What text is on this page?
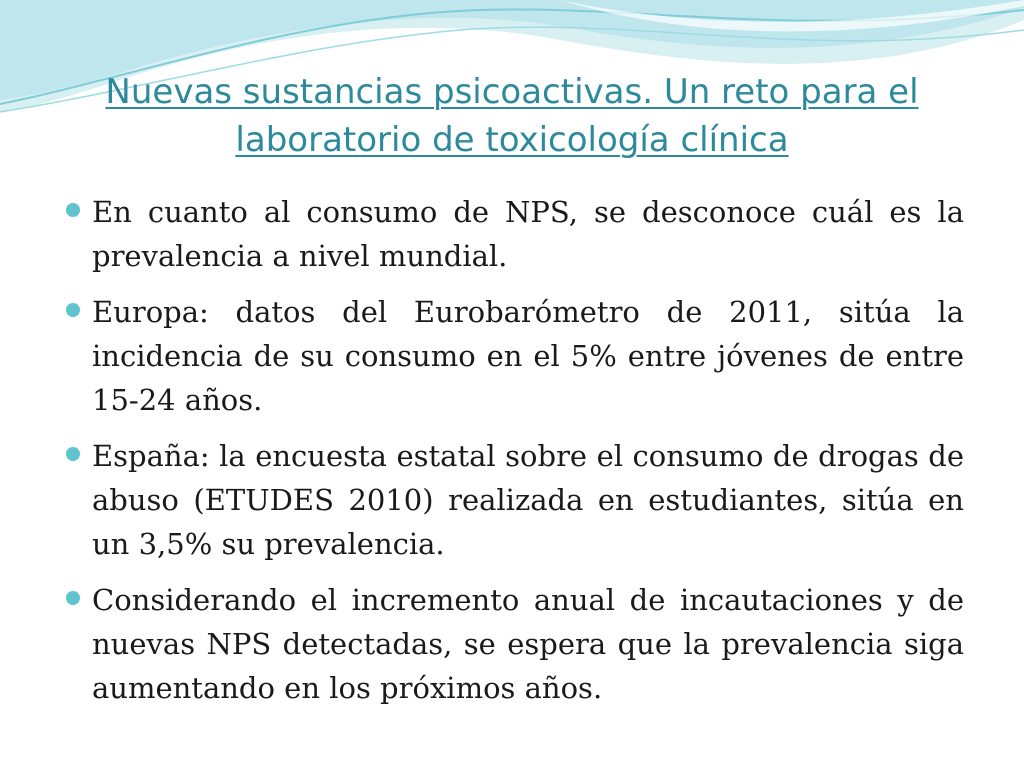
Nuevas sustancias psicoactivas. Un reto para el
laboratorio de toxicología clínica
En cuanto al consumo de NPS, se desconoce cuál es la prevalencia a nivel mundial.
Europa: datos del Eurobarómetro de 2011, sitúa la incidencia de su consumo en el 5% entre jóvenes de entre 15-24 años.
España: la encuesta estatal sobre el consumo de drogas de abuso (ETUDES 2010) realizada en estudiantes, sitúa en un 3,5% su prevalencia.
Considerando el incremento anual de incautaciones y de nuevas NPS detectadas, se espera que la prevalencia siga aumentando en los próximos años.
